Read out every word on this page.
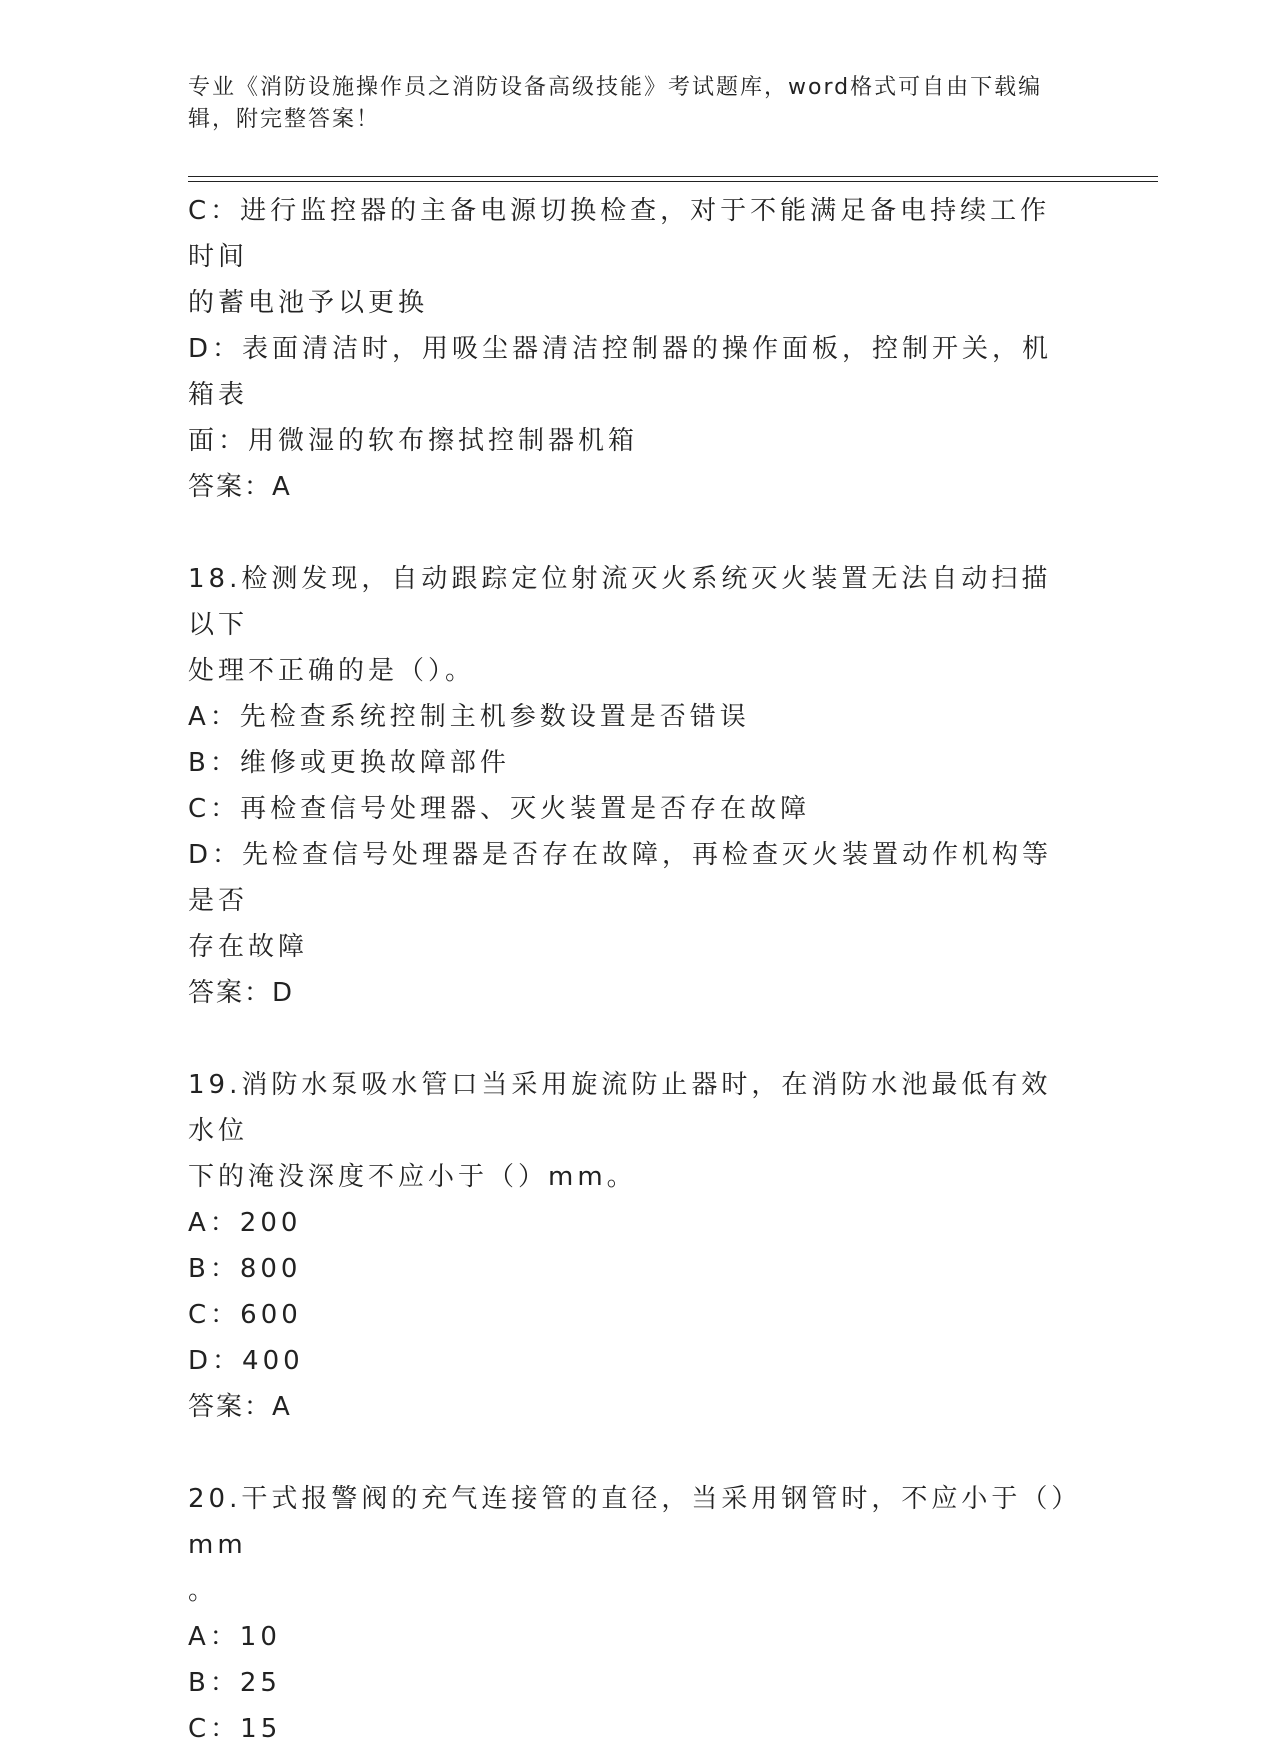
专业《消防设施操作员之消防设备高级技能》考试题库，word格式可自由下载编
辑，附完整答案！
C：进行监控器的主备电源切换检查，对于不能满足备电持续工作时间
的蓄电池予以更换
D：表面清洁时，用吸尘器清洁控制器的操作面板，控制开关，机箱表
面：用微湿的软布擦拭控制器机箱
答案：A
18.检测发现，自动跟踪定位射流灭火系统灭火装置无法自动扫描以下
处理不正确的是（）。
A：先检查系统控制主机参数设置是否错误
B：维修或更换故障部件
C：再检查信号处理器、灭火装置是否存在故障
D：先检查信号处理器是否存在故障，再检查灭火装置动作机构等是否
存在故障
答案：D
19.消防水泵吸水管口当采用旋流防止器时，在消防水池最低有效水位
下的淹没深度不应小于（）mm。
A：200
B：800
C：600
D：400
答案：A
20.干式报警阀的充气连接管的直径，当采用钢管时，不应小于（）mm
。
A：10
B：25
C：15
